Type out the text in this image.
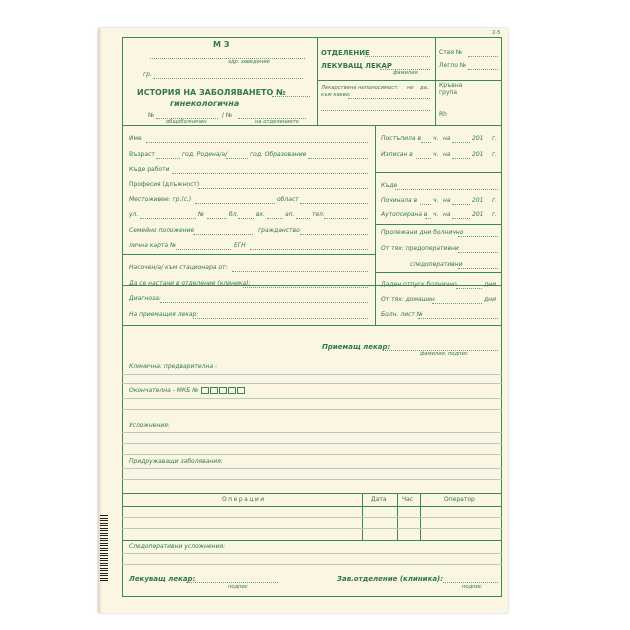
2-5
М З
здр. заведение
гр.
ИСТОРИЯ НА ЗАБОЛЯВАНЕТО №
гинекологична
№
общоболничен
/ №
на отделението
ОТДЕЛЕНИЕ
ЛЕКУВАЩ ЛЕКАР
фамилия
Стая №
Легло №
Лекарствена непоносимост: не да,
към какво:
Кръвна
група
Rh
Име
Възраст	год. Родена/а/	год. Образование
Къде работи
Професия (длъжност)
Местоживее: гр.(с.)	област
ул.	№	бл.	вх.	ап.	тел.
Семейно положение	гражданство
лична карта №	ЕГН
Насочен/а/ към стационара от:
Постъпила в ч. на	201 г.
Изписан в	ч. на	201 г.
Къде
Починала в	ч. на	201 г.
Аутопсирана в ч. на	201 г.
Пролежани дни болнично
От тях: предоперативни
следоперативни
Да се настани в отделение (клиника):
Диагноза:
На приемащия лекар:
Даден отпуск болнично	дни
От тях: домашен	дни
Болн. лист №
Приемащ лекар:
фамилия, подпис
Клинична: предварителна -
Окончателна - МКБ №
Усложнения:
Придружаващи заболявания:
Операции	Дата	Час	Оператор
Следоперативни усложнения:
Лекуващ лекар:
подпис
Зав.отделение (клиника):
подпис
